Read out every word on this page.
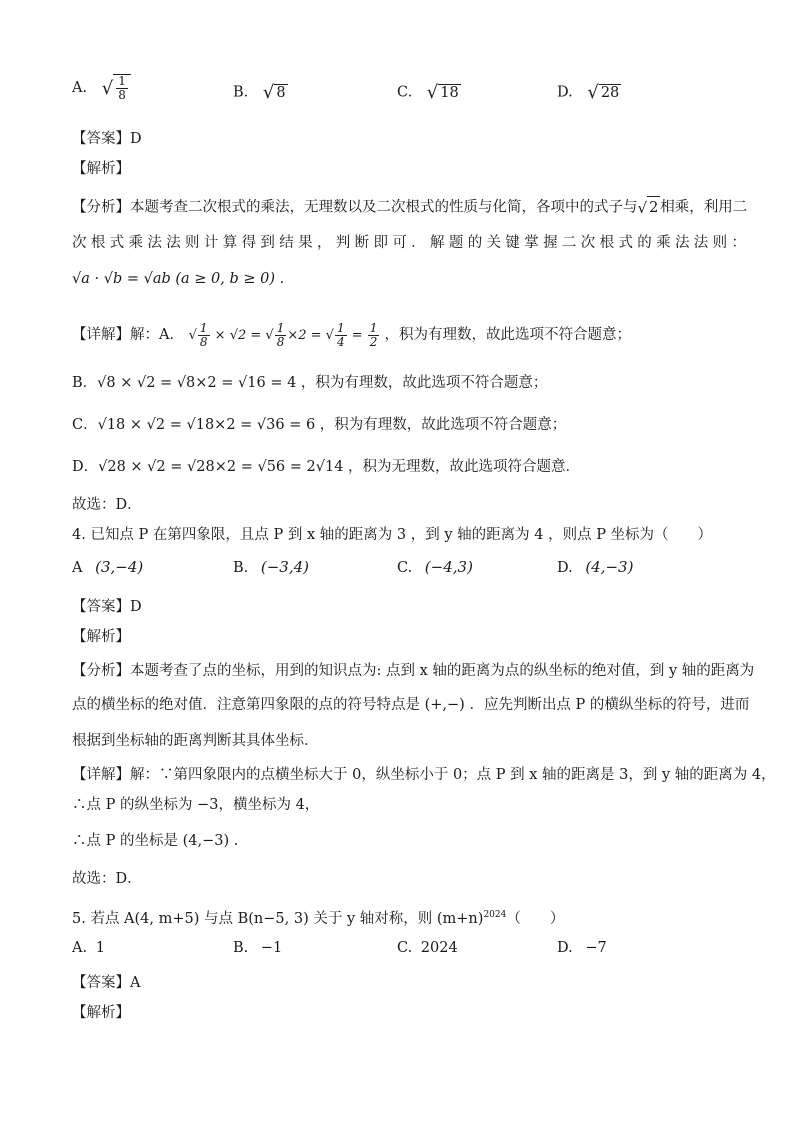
A. √ $\frac{1}{8}$	B. √ 8	C. √ 18	D. √ 28
【答案】D
【解析】
【分析】本题考查二次根式的乘法，无理数以及二次根式的性质与化简，各项中的式子与√ 2 相乘，利用二
次根式乘法法则计算得到结果，判断即可．解题的关键掌握二次根式的乘法法则：
√a · √b = √ab (a ≥ 0, b ≥ 0) .
【详解】解：A． √ $\frac{1}{8} \times √2$ = √ $\frac{1}{8} \times 2$ = √ $\frac{1}{4} = \frac{1}{2}$ ，积为有理数，故此选项不符合题意；
B．√8 × √2 = √8×2 = √16 = 4 ，积为有理数，故此选项不符合题意；
C．√18 × √2 = √18×2 = √36 = 6 ，积为有理数，故此选项不符合题意；
D．√28 × √2 = √28×2 = √56 = 2√14 ，积为无理数，故此选项符合题意．
故选：D．
4. 已知点 P 在第四象限，且点 P 到 x 轴的距离为 3 ，到 y 轴的距离为 4 ，则点 P 坐标为（　　）
A (3,−4)	B. (−3,4)	C. (−4,3)	D. (4,−3)
【答案】D
【解析】
【分析】本题考查了点的坐标，用到的知识点为: 点到 x 轴的距离为点的纵坐标的绝对值，到 y 轴的距离为
点的横坐标的绝对值．注意第四象限的点的符号特点是 (+,−) ．应先判断出点 P 的横纵坐标的符号，进而
根据到坐标轴的距离判断其具体坐标．
【详解】解：∵第四象限内的点横坐标大于 0，纵坐标小于 0；点 P 到 x 轴的距离是 3，到 y 轴的距离为 4，
∴点 P 的纵坐标为 −3，横坐标为 4，
∴点 P 的坐标是 (4,−3) .
故选：D．
5. 若点 A(4, m+5) 与点 B(n−5, 3) 关于 y 轴对称，则 $(m+n)^{2024}$（　　）
A. 1	B. −1	C. 2024	D. −7
【答案】A
【解析】
